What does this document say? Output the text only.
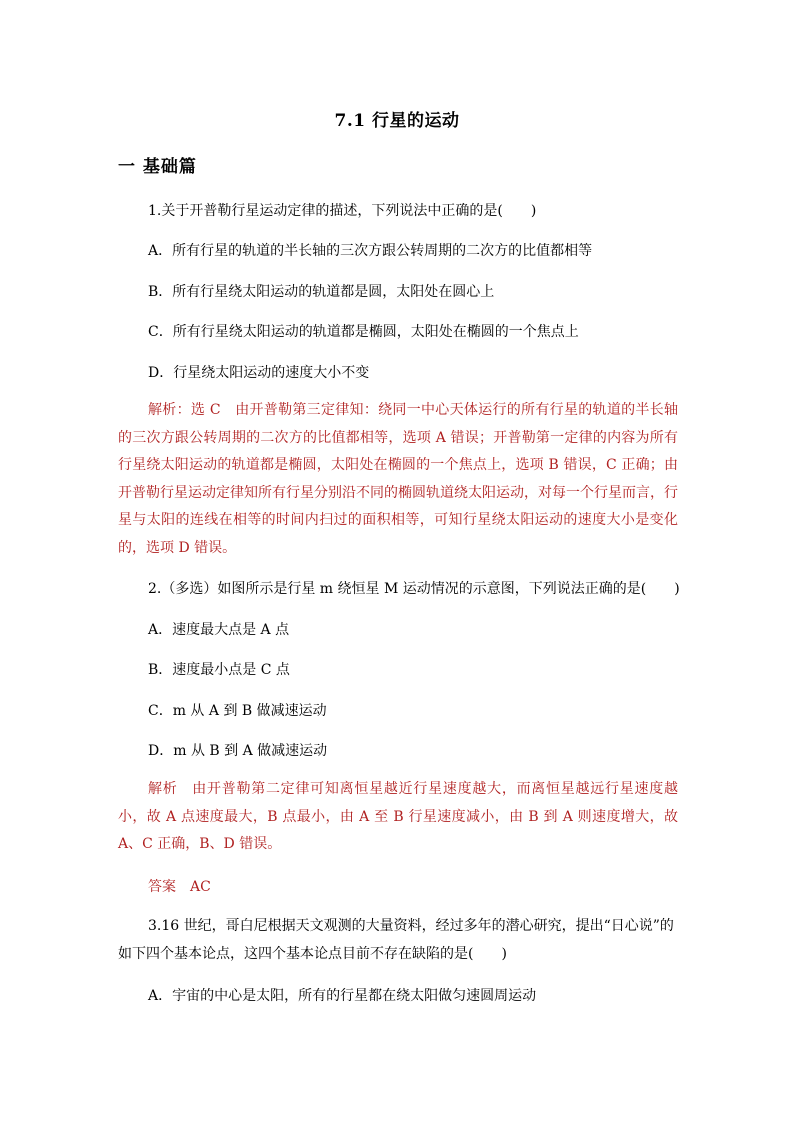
7.1 行星的运动
一 基础篇
1.关于开普勒行星运动定律的描述，下列说法中正确的是(　　)
A．所有行星的轨道的半长轴的三次方跟公转周期的二次方的比值都相等
B．所有行星绕太阳运动的轨道都是圆，太阳处在圆心上
C．所有行星绕太阳运动的轨道都是椭圆，太阳处在椭圆的一个焦点上
D．行星绕太阳运动的速度大小不变
解析：选 C　由开普勒第三定律知：绕同一中心天体运行的所有行星的轨道的半长轴的三次方跟公转周期的二次方的比值都相等，选项 A 错误；开普勒第一定律的内容为所有行星绕太阳运动的轨道都是椭圆，太阳处在椭圆的一个焦点上，选项 B 错误，C 正确；由开普勒行星运动定律知所有行星分别沿不同的椭圆轨道绕太阳运动，对每一个行星而言，行星与太阳的连线在相等的时间内扫过的面积相等，可知行星绕太阳运动的速度大小是变化的，选项 D 错误。
2.（多选）如图所示是行星 m 绕恒星 M 运动情况的示意图，下列说法正确的是(　　)
A．速度最大点是 A 点
B．速度最小点是 C 点
C．m 从 A 到 B 做减速运动
D．m 从 B 到 A 做减速运动
解析　由开普勒第二定律可知离恒星越近行星速度越大，而离恒星越远行星速度越小，故 A 点速度最大，B 点最小，由 A 至 B 行星速度减小，由 B 到 A 则速度增大，故 A、C 正确，B、D 错误。
答案　AC
3.16 世纪，哥白尼根据天文观测的大量资料，经过多年的潜心研究，提出“日心说”的如下四个基本论点，这四个基本论点目前不存在缺陷的是(　　)
A．宇宙的中心是太阳，所有的行星都在绕太阳做匀速圆周运动
